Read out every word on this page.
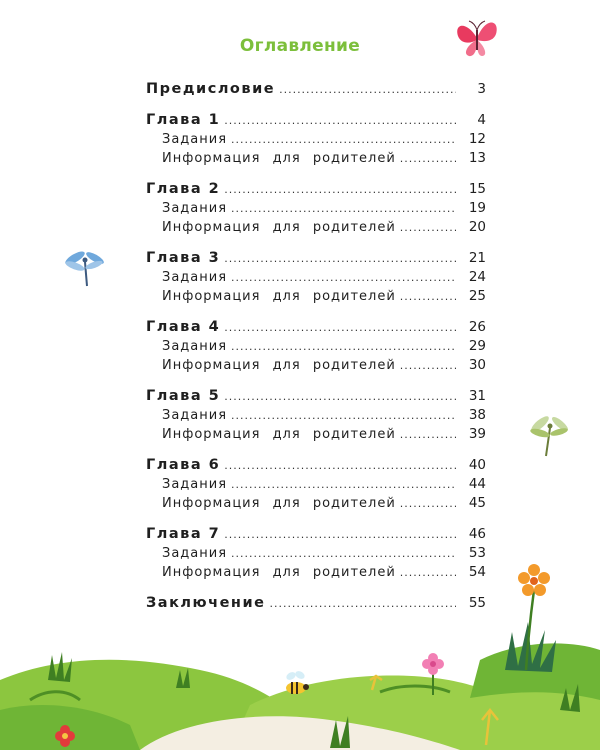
Оглавление
Предисловие .....	3
Глава 1 .....	4
Задания .....	12
Информация для родителей .....	13
Глава 2 .....	15
Задания .....	19
Информация для родителей .....	20
Глава 3 .....	21
Задания .....	24
Информация для родителей .....	25
Глава 4 .....	26
Задания .....	29
Информация для родителей .....	30
Глава 5 .....	31
Задания .....	38
Информация для родителей .....	39
Глава 6 .....	40
Задания .....	44
Информация для родителей .....	45
Глава 7 .....	46
Задания .....	53
Информация для родителей .....	54
Заключение .....	55
